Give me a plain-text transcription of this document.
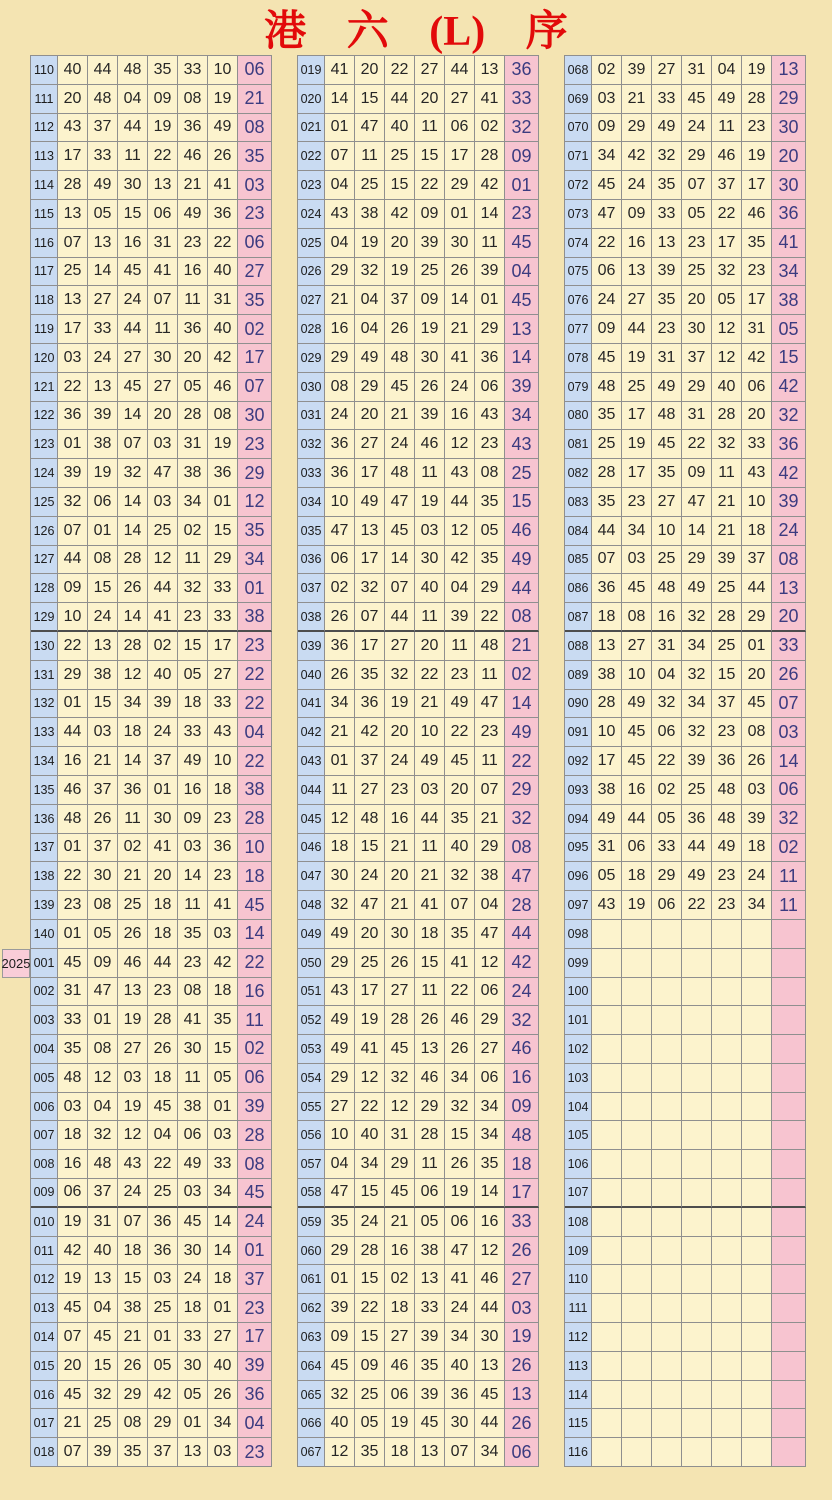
港 六 (L) 序
2025
110 40 44 48 35 33 10 06
111 20 48 04 09 08 19 21
112 43 37 44 19 36 49 08
113 17 33 11 22 46 26 35
114 28 49 30 13 21 41 03
115 13 05 15 06 49 36 23
116 07 13 16 31 23 22 06
117 25 14 45 41 16 40 27
118 13 27 24 07 11 31 35
119 17 33 44 11 36 40 02
120 03 24 27 30 20 42 17
121 22 13 45 27 05 46 07
122 36 39 14 20 28 08 30
123 01 38 07 03 31 19 23
124 39 19 32 47 38 36 29
125 32 06 14 03 34 01 12
126 07 01 14 25 02 15 35
127 44 08 28 12 11 29 34
128 09 15 26 44 32 33 01
129 10 24 14 41 23 33 38
130 22 13 28 02 15 17 23
131 29 38 12 40 05 27 22
132 01 15 34 39 18 33 22
133 44 03 18 24 33 43 04
134 16 21 14 37 49 10 22
135 46 37 36 01 16 18 38
136 48 26 11 30 09 23 28
137 01 37 02 41 03 36 10
138 22 30 21 20 14 23 18
139 23 08 25 18 11 41 45
140 01 05 26 18 35 03 14
001 45 09 46 44 23 42 22
002 31 47 13 23 08 18 16
003 33 01 19 28 41 35 11
004 35 08 27 26 30 15 02
005 48 12 03 18 11 05 06
006 03 04 19 45 38 01 39
007 18 32 12 04 06 03 28
008 16 48 43 22 49 33 08
009 06 37 24 25 03 34 45
010 19 31 07 36 45 14 24
011 42 40 18 36 30 14 01
012 19 13 15 03 24 18 37
013 45 04 38 25 18 01 23
014 07 45 21 01 33 27 17
015 20 15 26 05 30 40 39
016 45 32 29 42 05 26 36
017 21 25 08 29 01 34 04
018 07 39 35 37 13 03 23
019 41 20 22 27 44 13 36
020 14 15 44 20 27 41 33
021 01 47 40 11 06 02 32
022 07 11 25 15 17 28 09
023 04 25 15 22 29 42 01
024 43 38 42 09 01 14 23
025 04 19 20 39 30 11 45
026 29 32 19 25 26 39 04
027 21 04 37 09 14 01 45
028 16 04 26 19 21 29 13
029 29 49 48 30 41 36 14
030 08 29 45 26 24 06 39
031 24 20 21 39 16 43 34
032 36 27 24 46 12 23 43
033 36 17 48 11 43 08 25
034 10 49 47 19 44 35 15
035 47 13 45 03 12 05 46
036 06 17 14 30 42 35 49
037 02 32 07 40 04 29 44
038 26 07 44 11 39 22 08
039 36 17 27 20 11 48 21
040 26 35 32 22 23 11 02
041 34 36 19 21 49 47 14
042 21 42 20 10 22 23 49
043 01 37 24 49 45 11 22
044 11 27 23 03 20 07 29
045 12 48 16 44 35 21 32
046 18 15 21 11 40 29 08
047 30 24 20 21 32 38 47
048 32 47 21 41 07 04 28
049 49 20 30 18 35 47 44
050 29 25 26 15 41 12 42
051 43 17 27 11 22 06 24
052 49 19 28 26 46 29 32
053 49 41 45 13 26 27 46
054 29 12 32 46 34 06 16
055 27 22 12 29 32 34 09
056 10 40 31 28 15 34 48
057 04 34 29 11 26 35 18
058 47 15 45 06 19 14 17
059 35 24 21 05 06 16 33
060 29 28 16 38 47 12 26
061 01 15 02 13 41 46 27
062 39 22 18 33 24 44 03
063 09 15 27 39 34 30 19
064 45 09 46 35 40 13 26
065 32 25 06 39 36 45 13
066 40 05 19 45 30 44 26
067 12 35 18 13 07 34 06
068 02 39 27 31 04 19 13
069 03 21 33 45 49 28 29
070 09 29 49 24 11 23 30
071 34 42 32 29 46 19 20
072 45 24 35 07 37 17 30
073 47 09 33 05 22 46 36
074 22 16 13 23 17 35 41
075 06 13 39 25 32 23 34
076 24 27 35 20 05 17 38
077 09 44 23 30 12 31 05
078 45 19 31 37 12 42 15
079 48 25 49 29 40 06 42
080 35 17 48 31 28 20 32
081 25 19 45 22 32 33 36
082 28 17 35 09 11 43 42
083 35 23 27 47 21 10 39
084 44 34 10 14 21 18 24
085 07 03 25 29 39 37 08
086 36 45 48 49 25 44 13
087 18 08 16 32 28 29 20
088 13 27 31 34 25 01 33
089 38 10 04 32 15 20 26
090 28 49 32 34 37 45 07
091 10 45 06 32 23 08 03
092 17 45 22 39 36 26 14
093 38 16 02 25 48 03 06
094 49 44 05 36 48 39 32
095 31 06 33 44 49 18 02
096 05 18 29 49 23 24 11
097 43 19 06 22 23 34 11
098
099
100
101
102
103
104
105
106
107
108
109
110
111
112
113
114
115
116
